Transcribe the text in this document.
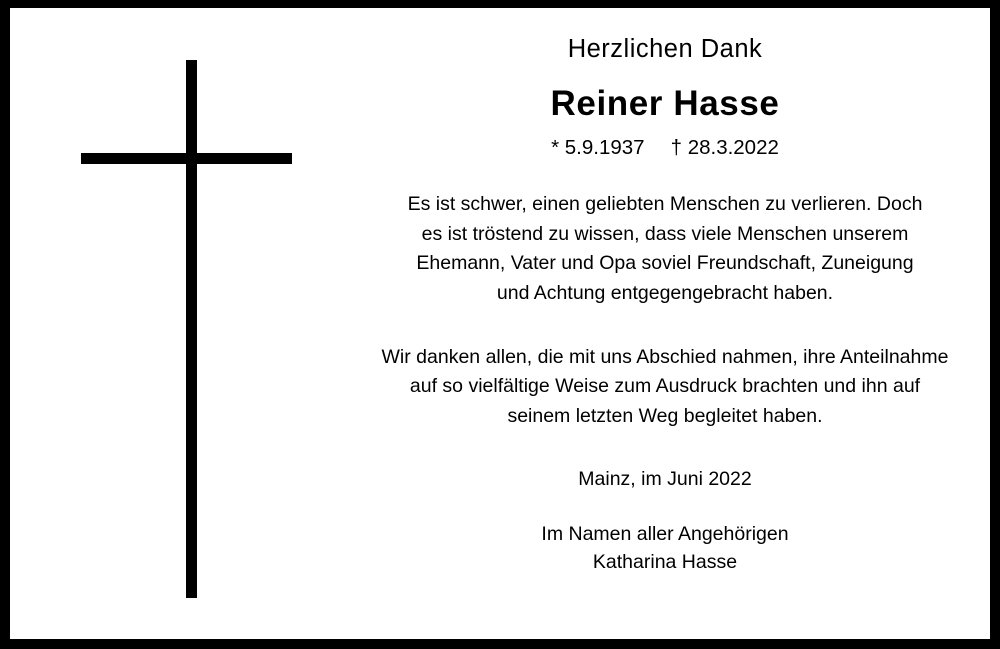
Herzlichen Dank
Reiner Hasse
* 5.9.1937 † 28.3.2022
Es ist schwer, einen geliebten Menschen zu verlieren. Doch es ist tröstend zu wissen, dass viele Menschen unserem Ehemann, Vater und Opa soviel Freundschaft, Zuneigung und Achtung entgegengebracht haben.
Wir danken allen, die mit uns Abschied nahmen, ihre Anteilnahme auf so vielfältige Weise zum Ausdruck brachten und ihn auf seinem letzten Weg begleitet haben.
Mainz, im Juni 2022
Im Namen aller Angehörigen
Katharina Hasse
